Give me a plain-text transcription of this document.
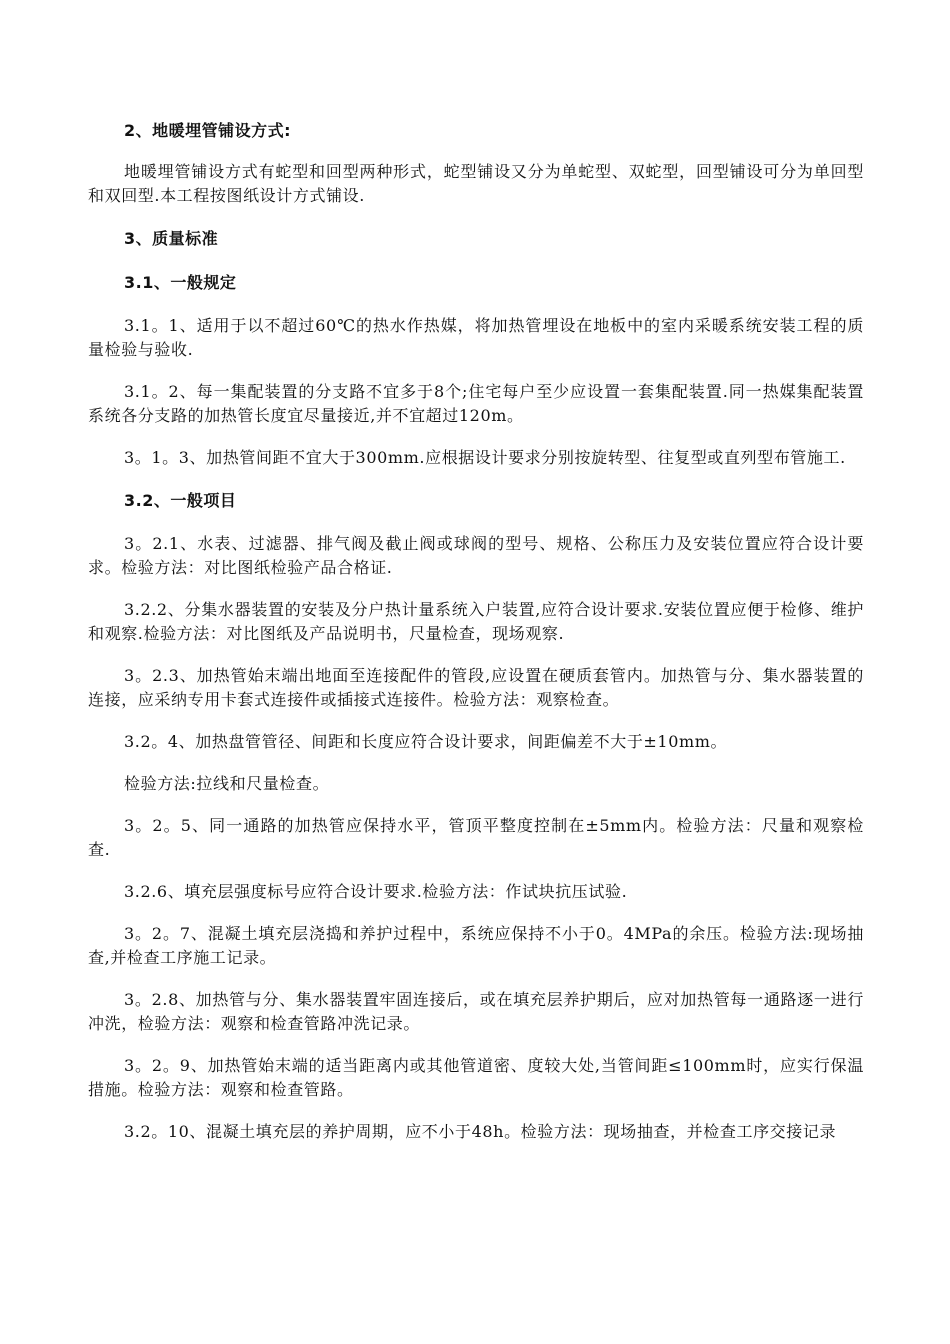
2、地暖埋管铺设方式:

地暖埋管铺设方式有蛇型和回型两种形式，蛇型铺设又分为单蛇型、双蛇型，回型铺设可分为单回型和双回型.本工程按图纸设计方式铺设.

3、质量标准

3.1、一般规定

3.1。1、适用于以不超过60℃的热水作热媒，将加热管埋设在地板中的室内采暖系统安装工程的质量检验与验收.

3.1。2、每一集配装置的分支路不宜多于8个;住宅每户至少应设置一套集配装置.同一热媒集配装置系统各分支路的加热管长度宜尽量接近,并不宜超过120m。

3。1。3、加热管间距不宜大于300mm.应根据设计要求分别按旋转型、往复型或直列型布管施工.

3.2、一般项目

3。2.1、水表、过滤器、排气阀及截止阀或球阀的型号、规格、公称压力及安装位置应符合设计要求。检验方法：对比图纸检验产品合格证.

3.2.2、分集水器装置的安装及分户热计量系统入户装置,应符合设计要求.安装位置应便于检修、维护和观察.检验方法：对比图纸及产品说明书，尺量检查，现场观察.

3。2.3、加热管始末端出地面至连接配件的管段,应设置在硬质套管内。加热管与分、集水器装置的连接，应采纳专用卡套式连接件或插接式连接件。检验方法：观察检查。

3.2。4、加热盘管管径、间距和长度应符合设计要求，间距偏差不大于±10mm。

检验方法:拉线和尺量检查。

3。2。5、同一通路的加热管应保持水平，管顶平整度控制在±5mm内。检验方法：尺量和观察检查.

3.2.6、填充层强度标号应符合设计要求.检验方法：作试块抗压试验.

3。2。7、混凝土填充层浇捣和养护过程中，系统应保持不小于0。4MPa的余压。检验方法:现场抽查,并检查工序施工记录。

3。2.8、加热管与分、集水器装置牢固连接后，或在填充层养护期后，应对加热管每一通路逐一进行冲洗，检验方法：观察和检查管路冲洗记录。

3。2。9、加热管始末端的适当距离内或其他管道密、度较大处,当管间距≤100mm时，应实行保温措施。检验方法：观察和检查管路。

3.2。10、混凝土填充层的养护周期，应不小于48h。检验方法：现场抽查，并检查工序交接记录
